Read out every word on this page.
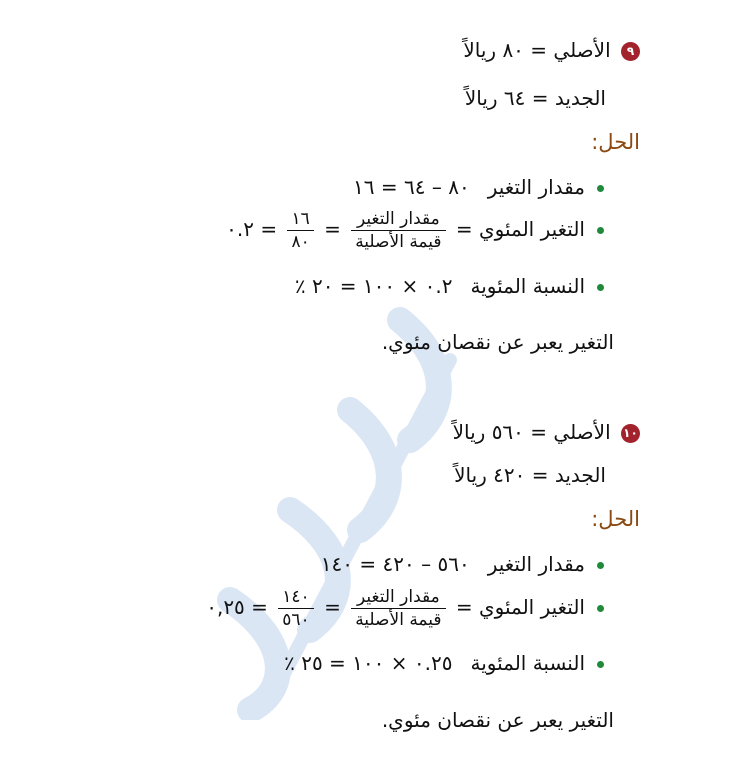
٩ الأصلي = ٨٠ ريالاً
الجديد = ٦٤ ريالاً
الحل:
مقدار التغير٨٠ – ٦٤ = ١٦
التغير المئوي =
$\frac{\text{مقدار التغير}}{\text{قيمة الأصلية}}$
=
$\frac{١٦}{٨٠}$
= ٠.٢
النسبة المئوية٠.٢ × ١٠٠ = ٢٠ ٪
التغير يعبر عن نقصان مئوي.
١٠ الأصلي = ٥٦٠ ريالاً
الجديد = ٤٢٠ ريالاً
الحل:
مقدار التغير٥٦٠ – ٤٢٠ = ١٤٠
التغير المئوي =
$\frac{\text{مقدار التغير}}{\text{قيمة الأصلية}}$
=
$\frac{١٤٠}{٥٦٠}$
= ٠,٢٥
النسبة المئوية٠.٢٥ × ١٠٠ = ٢٥ ٪
التغير يعبر عن نقصان مئوي.
